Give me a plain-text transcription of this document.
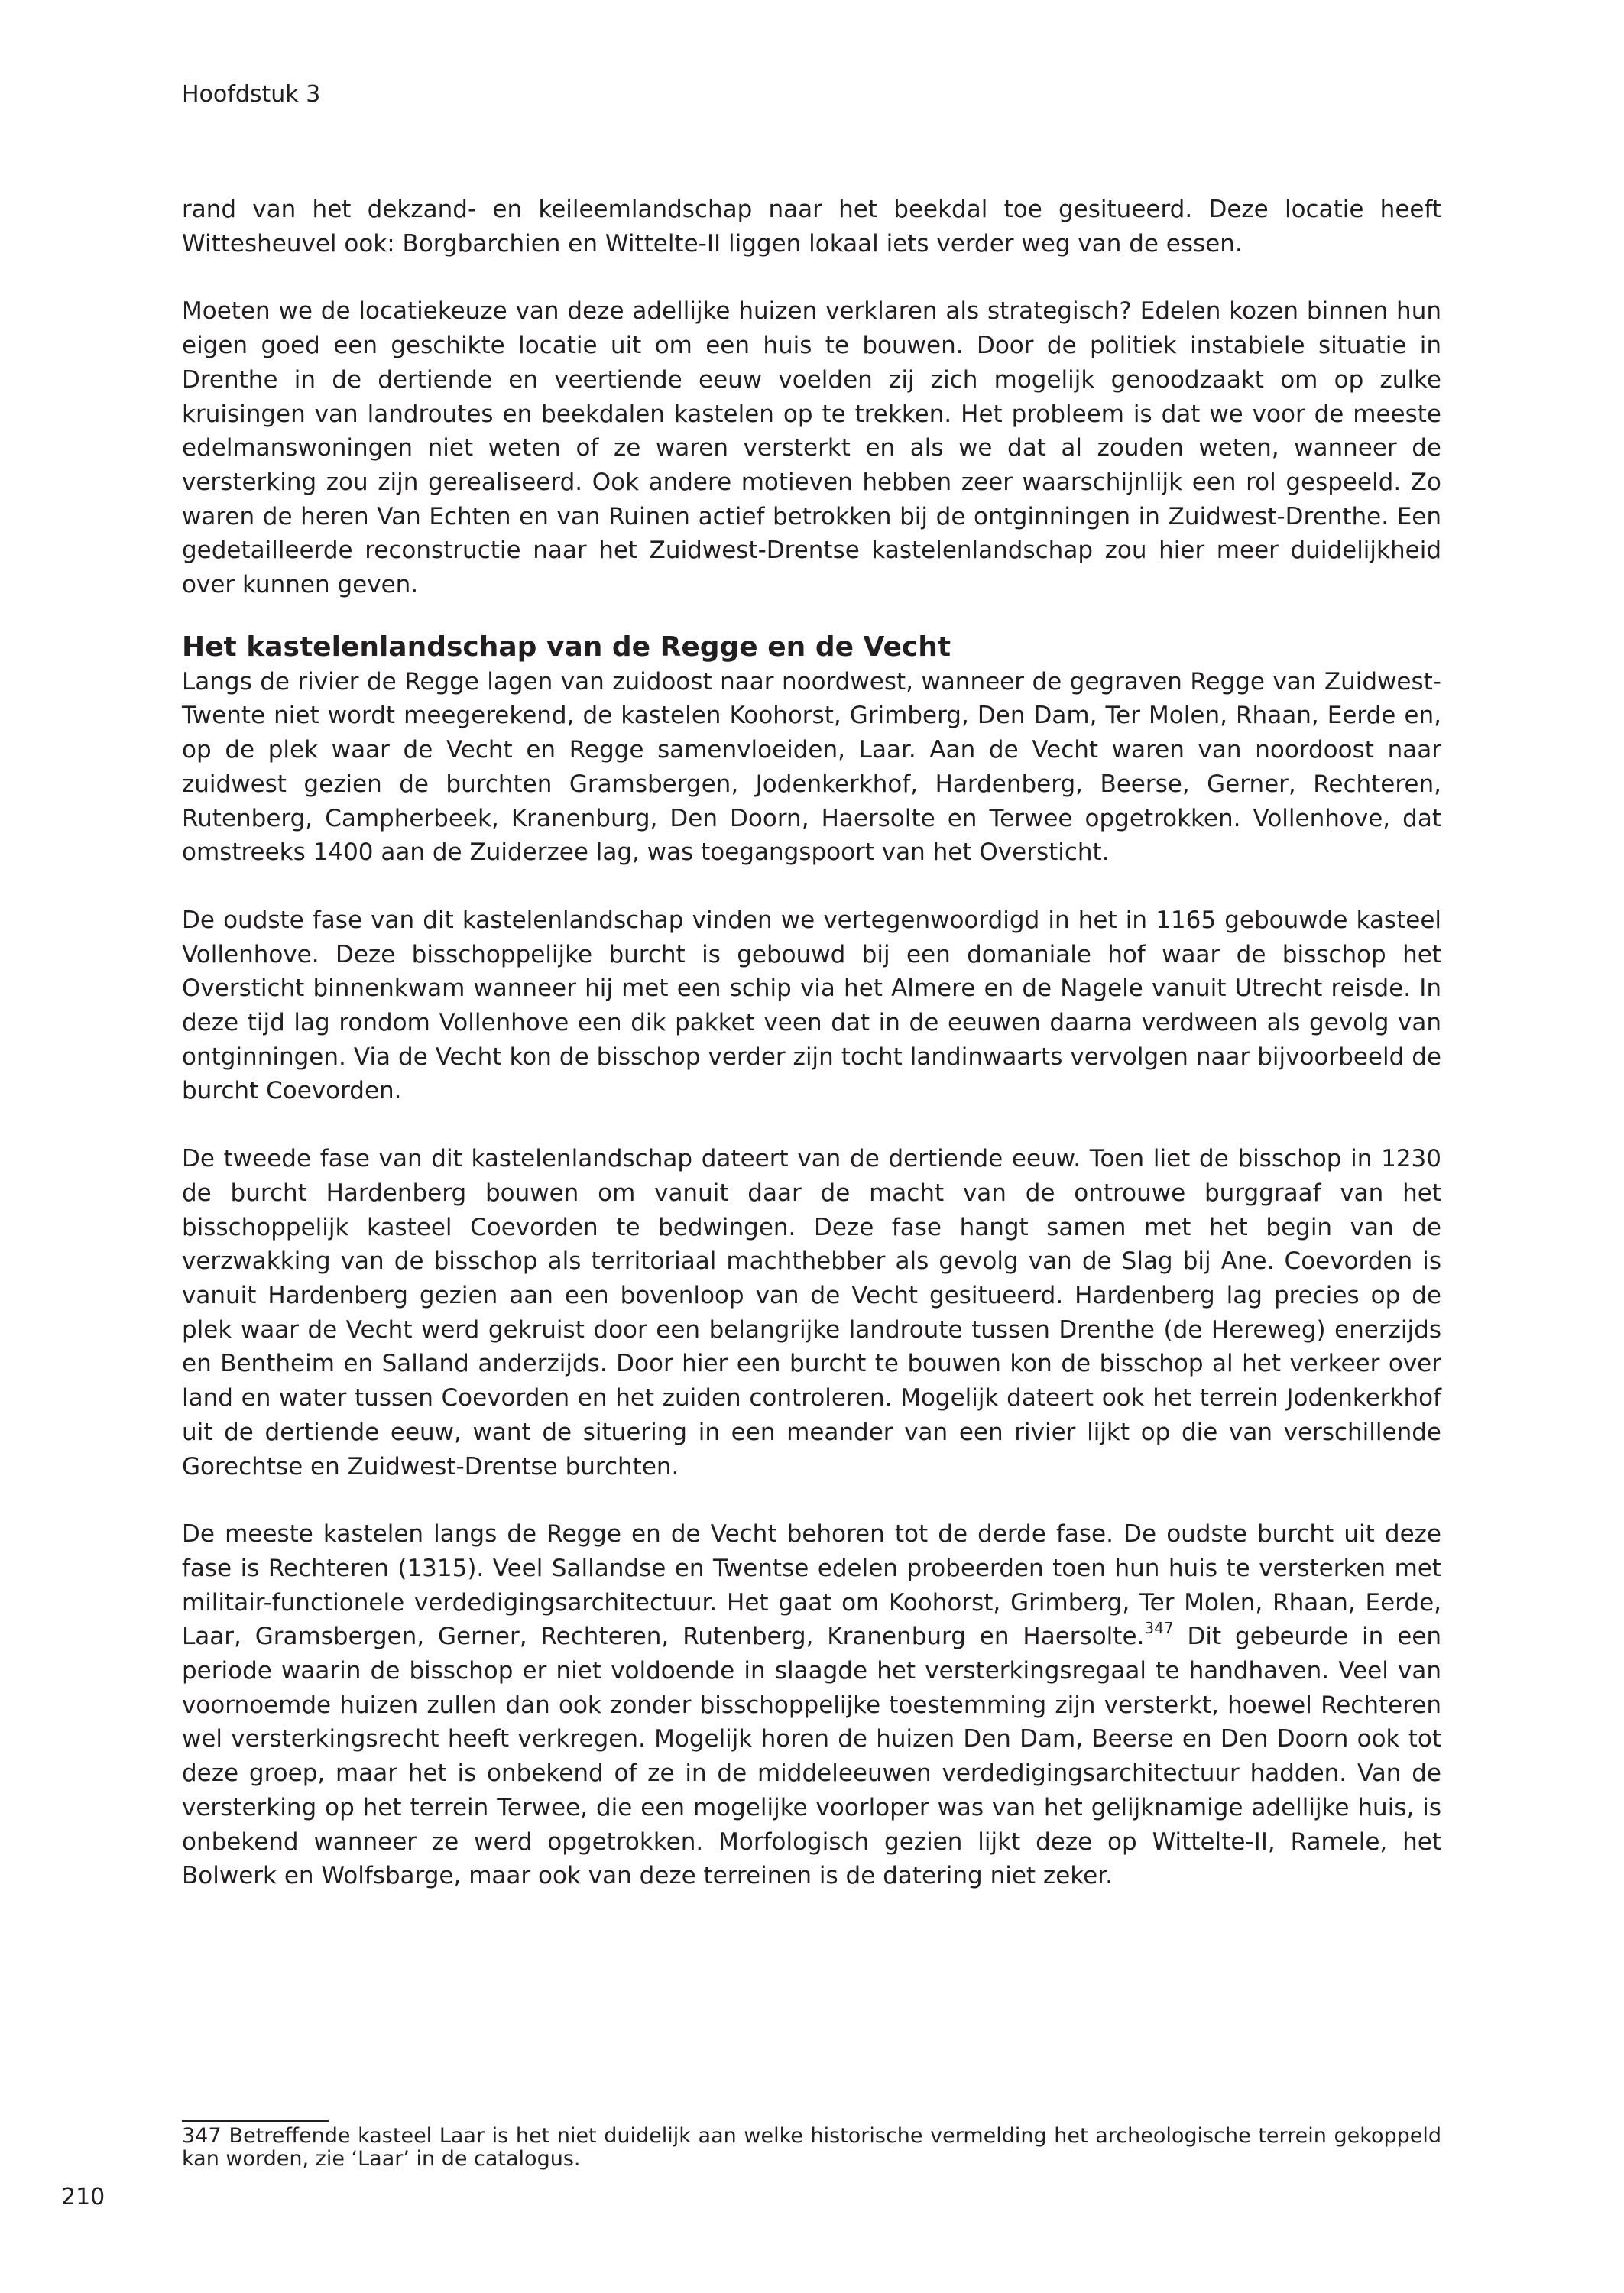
Hoofdstuk 3

rand van het dekzand- en keileemlandschap naar het beekdal toe gesitueerd. Deze locatie heeft Wittesheuvel ook: Borgbarchien en Wittelte-II liggen lokaal iets verder weg van de essen.

Moeten we de locatiekeuze van deze adellijke huizen verklaren als strategisch? Edelen kozen binnen hun eigen goed een geschikte locatie uit om een huis te bouwen. Door de politiek instabiele situatie in Drenthe in de dertiende en veertiende eeuw voelden zij zich mogelijk genoodzaakt om op zulke kruisingen van landroutes en beekdalen kastelen op te trekken. Het probleem is dat we voor de meeste edelmanswoningen niet weten of ze waren versterkt en als we dat al zouden weten, wanneer de versterking zou zijn gerealiseerd. Ook andere motieven hebben zeer waarschijnlijk een rol gespeeld. Zo waren de heren Van Echten en van Ruinen actief betrokken bij de ontginningen in Zuidwest-Drenthe. Een gedetailleerde reconstructie naar het Zuidwest-Drentse kastelenlandschap zou hier meer duidelijkheid over kunnen geven.

Het kastelenlandschap van de Regge en de Vecht

Langs de rivier de Regge lagen van zuidoost naar noordwest, wanneer de gegraven Regge van Zuidwest-Twente niet wordt meegerekend, de kastelen Koohorst, Grimberg, Den Dam, Ter Molen, Rhaan, Eerde en, op de plek waar de Vecht en Regge samenvloeiden, Laar. Aan de Vecht waren van noordoost naar zuidwest gezien de burchten Gramsbergen, Jodenkerkhof, Hardenberg, Beerse, Gerner, Rechteren, Rutenberg, Campherbeek, Kranenburg, Den Doorn, Haersolte en Terwee opgetrokken. Vollenhove, dat omstreeks 1400 aan de Zuiderzee lag, was toegangspoort van het Oversticht.

De oudste fase van dit kastelenlandschap vinden we vertegenwoordigd in het in 1165 gebouwde kasteel Vollenhove. Deze bisschoppelijke burcht is gebouwd bij een domaniale hof waar de bisschop het Oversticht binnenkwam wanneer hij met een schip via het Almere en de Nagele vanuit Utrecht reisde. In deze tijd lag rondom Vollenhove een dik pakket veen dat in de eeuwen daarna verdween als gevolg van ontginningen. Via de Vecht kon de bisschop verder zijn tocht landinwaarts vervolgen naar bijvoorbeeld de burcht Coevorden.

De tweede fase van dit kastelenlandschap dateert van de dertiende eeuw. Toen liet de bisschop in 1230 de burcht Hardenberg bouwen om vanuit daar de macht van de ontrouwe burggraaf van het bisschoppelijk kasteel Coevorden te bedwingen. Deze fase hangt samen met het begin van de verzwakking van de bisschop als territoriaal machthebber als gevolg van de Slag bij Ane. Coevorden is vanuit Hardenberg gezien aan een bovenloop van de Vecht gesitueerd. Hardenberg lag precies op de plek waar de Vecht werd gekruist door een belangrijke landroute tussen Drenthe (de Hereweg) enerzijds en Bentheim en Salland anderzijds. Door hier een burcht te bouwen kon de bisschop al het verkeer over land en water tussen Coevorden en het zuiden controleren. Mogelijk dateert ook het terrein Jodenkerkhof uit de dertiende eeuw, want de situering in een meander van een rivier lijkt op die van verschillende Gorechtse en Zuidwest-Drentse burchten.

De meeste kastelen langs de Regge en de Vecht behoren tot de derde fase. De oudste burcht uit deze fase is Rechteren (1315). Veel Sallandse en Twentse edelen probeerden toen hun huis te versterken met militair-functionele verdedigingsarchitectuur. Het gaat om Koohorst, Grimberg, Ter Molen, Rhaan, Eerde, Laar, Gramsbergen, Gerner, Rechteren, Rutenberg, Kranenburg en Haersolte.$^{347}$ Dit gebeurde in een periode waarin de bisschop er niet voldoende in slaagde het versterkingsregaal te handhaven. Veel van voornoemde huizen zullen dan ook zonder bisschoppelijke toestemming zijn versterkt, hoewel Rechteren wel versterkingsrecht heeft verkregen. Mogelijk horen de huizen Den Dam, Beerse en Den Doorn ook tot deze groep, maar het is onbekend of ze in de middeleeuwen verdedigingsarchitectuur hadden. Van de versterking op het terrein Terwee, die een mogelijke voorloper was van het gelijknamige adellijke huis, is onbekend wanneer ze werd opgetrokken. Morfologisch gezien lijkt deze op Wittelte-II, Ramele, het Bolwerk en Wolfsbarge, maar ook van deze terreinen is de datering niet zeker.

347 Betreffende kasteel Laar is het niet duidelijk aan welke historische vermelding het archeologische terrein gekoppeld kan worden, zie ‘Laar’ in de catalogus.
210
